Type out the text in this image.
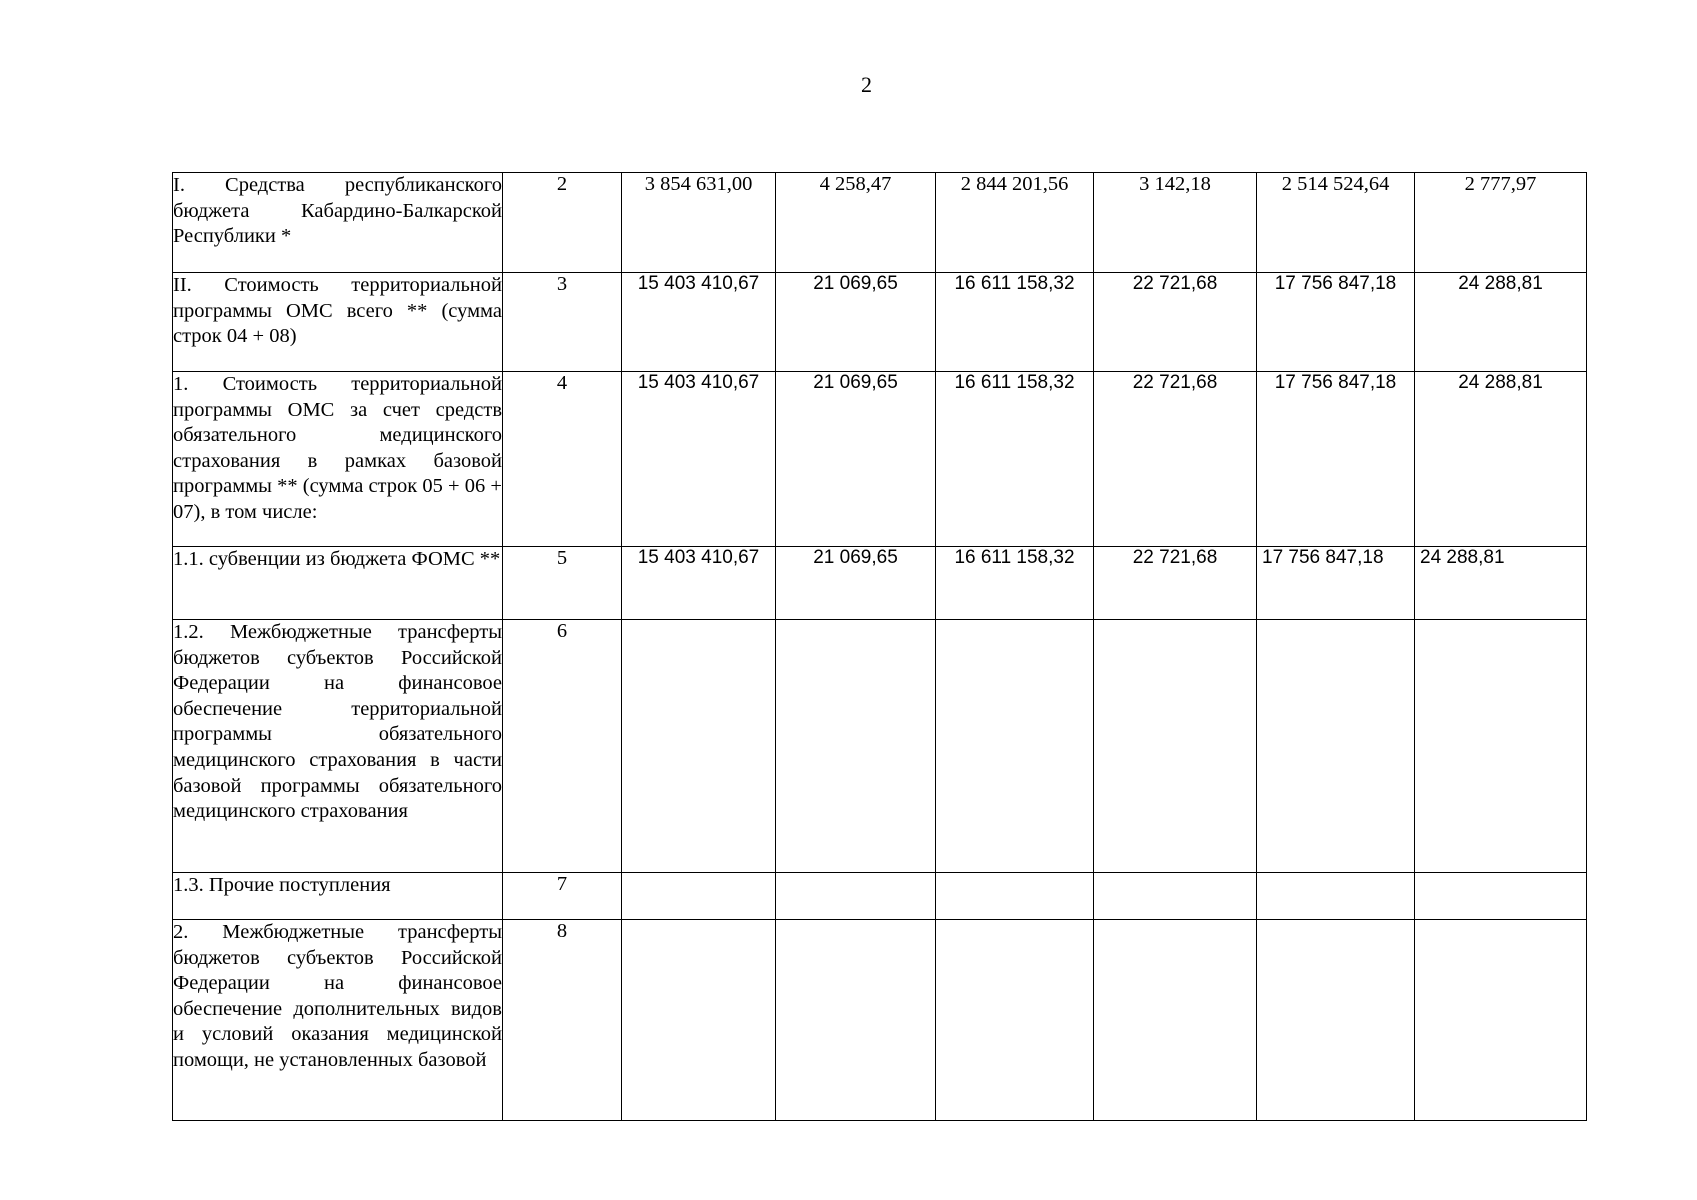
2
I. Средства республиканского бюджета Кабардино-Балкарской Республики *	2	3 854 631,00	4 258,47	2 844 201,56	3 142,18	2 514 524,64	2 777,97
II. Стоимость территориальной программы ОМС всего ** (сумма строк 04 + 08)	3	15 403 410,67	21 069,65	16 611 158,32	22 721,68	17 756 847,18	24 288,81
1. Стоимость территориальной программы ОМС за счет средств обязательного медицинского страхования в рамках базовой программы ** (сумма строк 05 + 06 + 07), в том числе:	4	15 403 410,67	21 069,65	16 611 158,32	22 721,68	17 756 847,18	24 288,81
1.1. субвенции из бюджета ФОМС **	5	15 403 410,67	21 069,65	16 611 158,32	22 721,68	17 756 847,18	24 288,81
1.2. Межбюджетные трансферты бюджетов субъектов Российской Федерации на финансовое обеспечение территориальной программы обязательного медицинского страхования в части базовой программы обязательного медицинского страхования	6						
1.3. Прочие поступления	7						
2. Межбюджетные трансферты бюджетов субъектов Российской Федерации на финансовое обеспечение дополнительных видов и условий оказания медицинской помощи, не установленных базовой	8						
